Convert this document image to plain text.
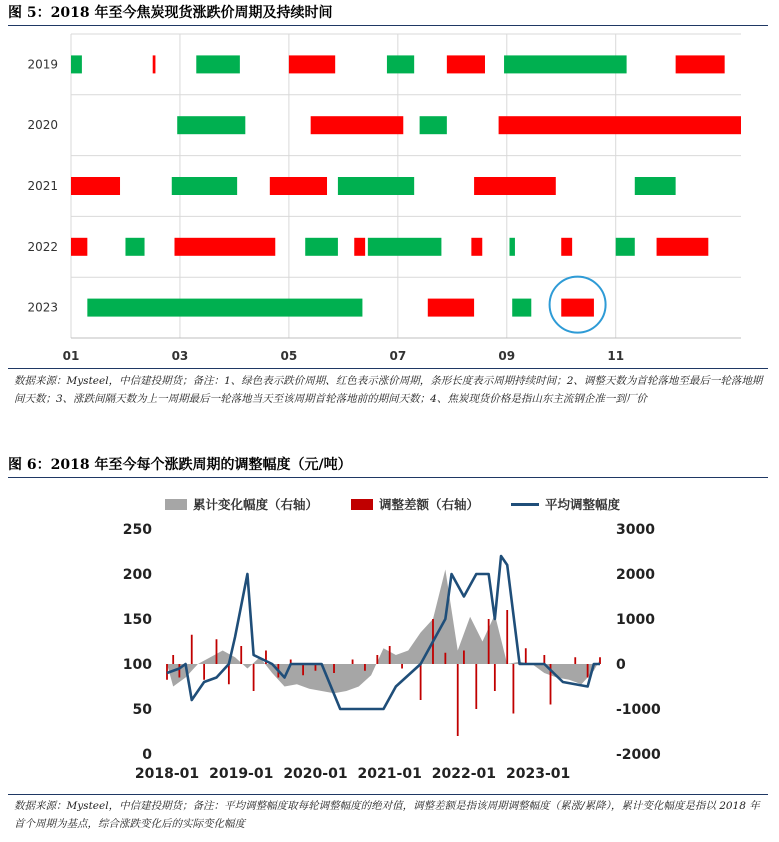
图 5：2018 年至今焦炭现货涨跌价周期及持续时间
01	03	05	07	09	11
2019
2020
2021
2022
2023
数据来源：Mysteel，中信建投期货；备注：1、绿色表示跌价周期、红色表示涨价周期，条形长度表示周期持续时间；2、调整天数为首轮落地至最后一轮落地期间天数；3、涨跌间隔天数为上一周期最后一轮落地当天至该周期首轮落地前的期间天数；4、焦炭现货价格是指山东主流钢企准一到厂价
图 6：2018 年至今每个涨跌周期的调整幅度（元/吨）
累计变化幅度（右轴）	调整差额（右轴）	平均调整幅度
0
50
100
150
200
250
-2000
-1000
0
1000
2000
3000
2018-01 2019-01 2020-01 2021-01 2022-01 2023-01
数据来源：Mysteel，中信建投期货；备注：平均调整幅度取每轮调整幅度的绝对值，调整差额是指该周期调整幅度（累涨/累降），累计变化幅度是指以 2018 年首个周期为基点，综合涨跌变化后的实际变化幅度
